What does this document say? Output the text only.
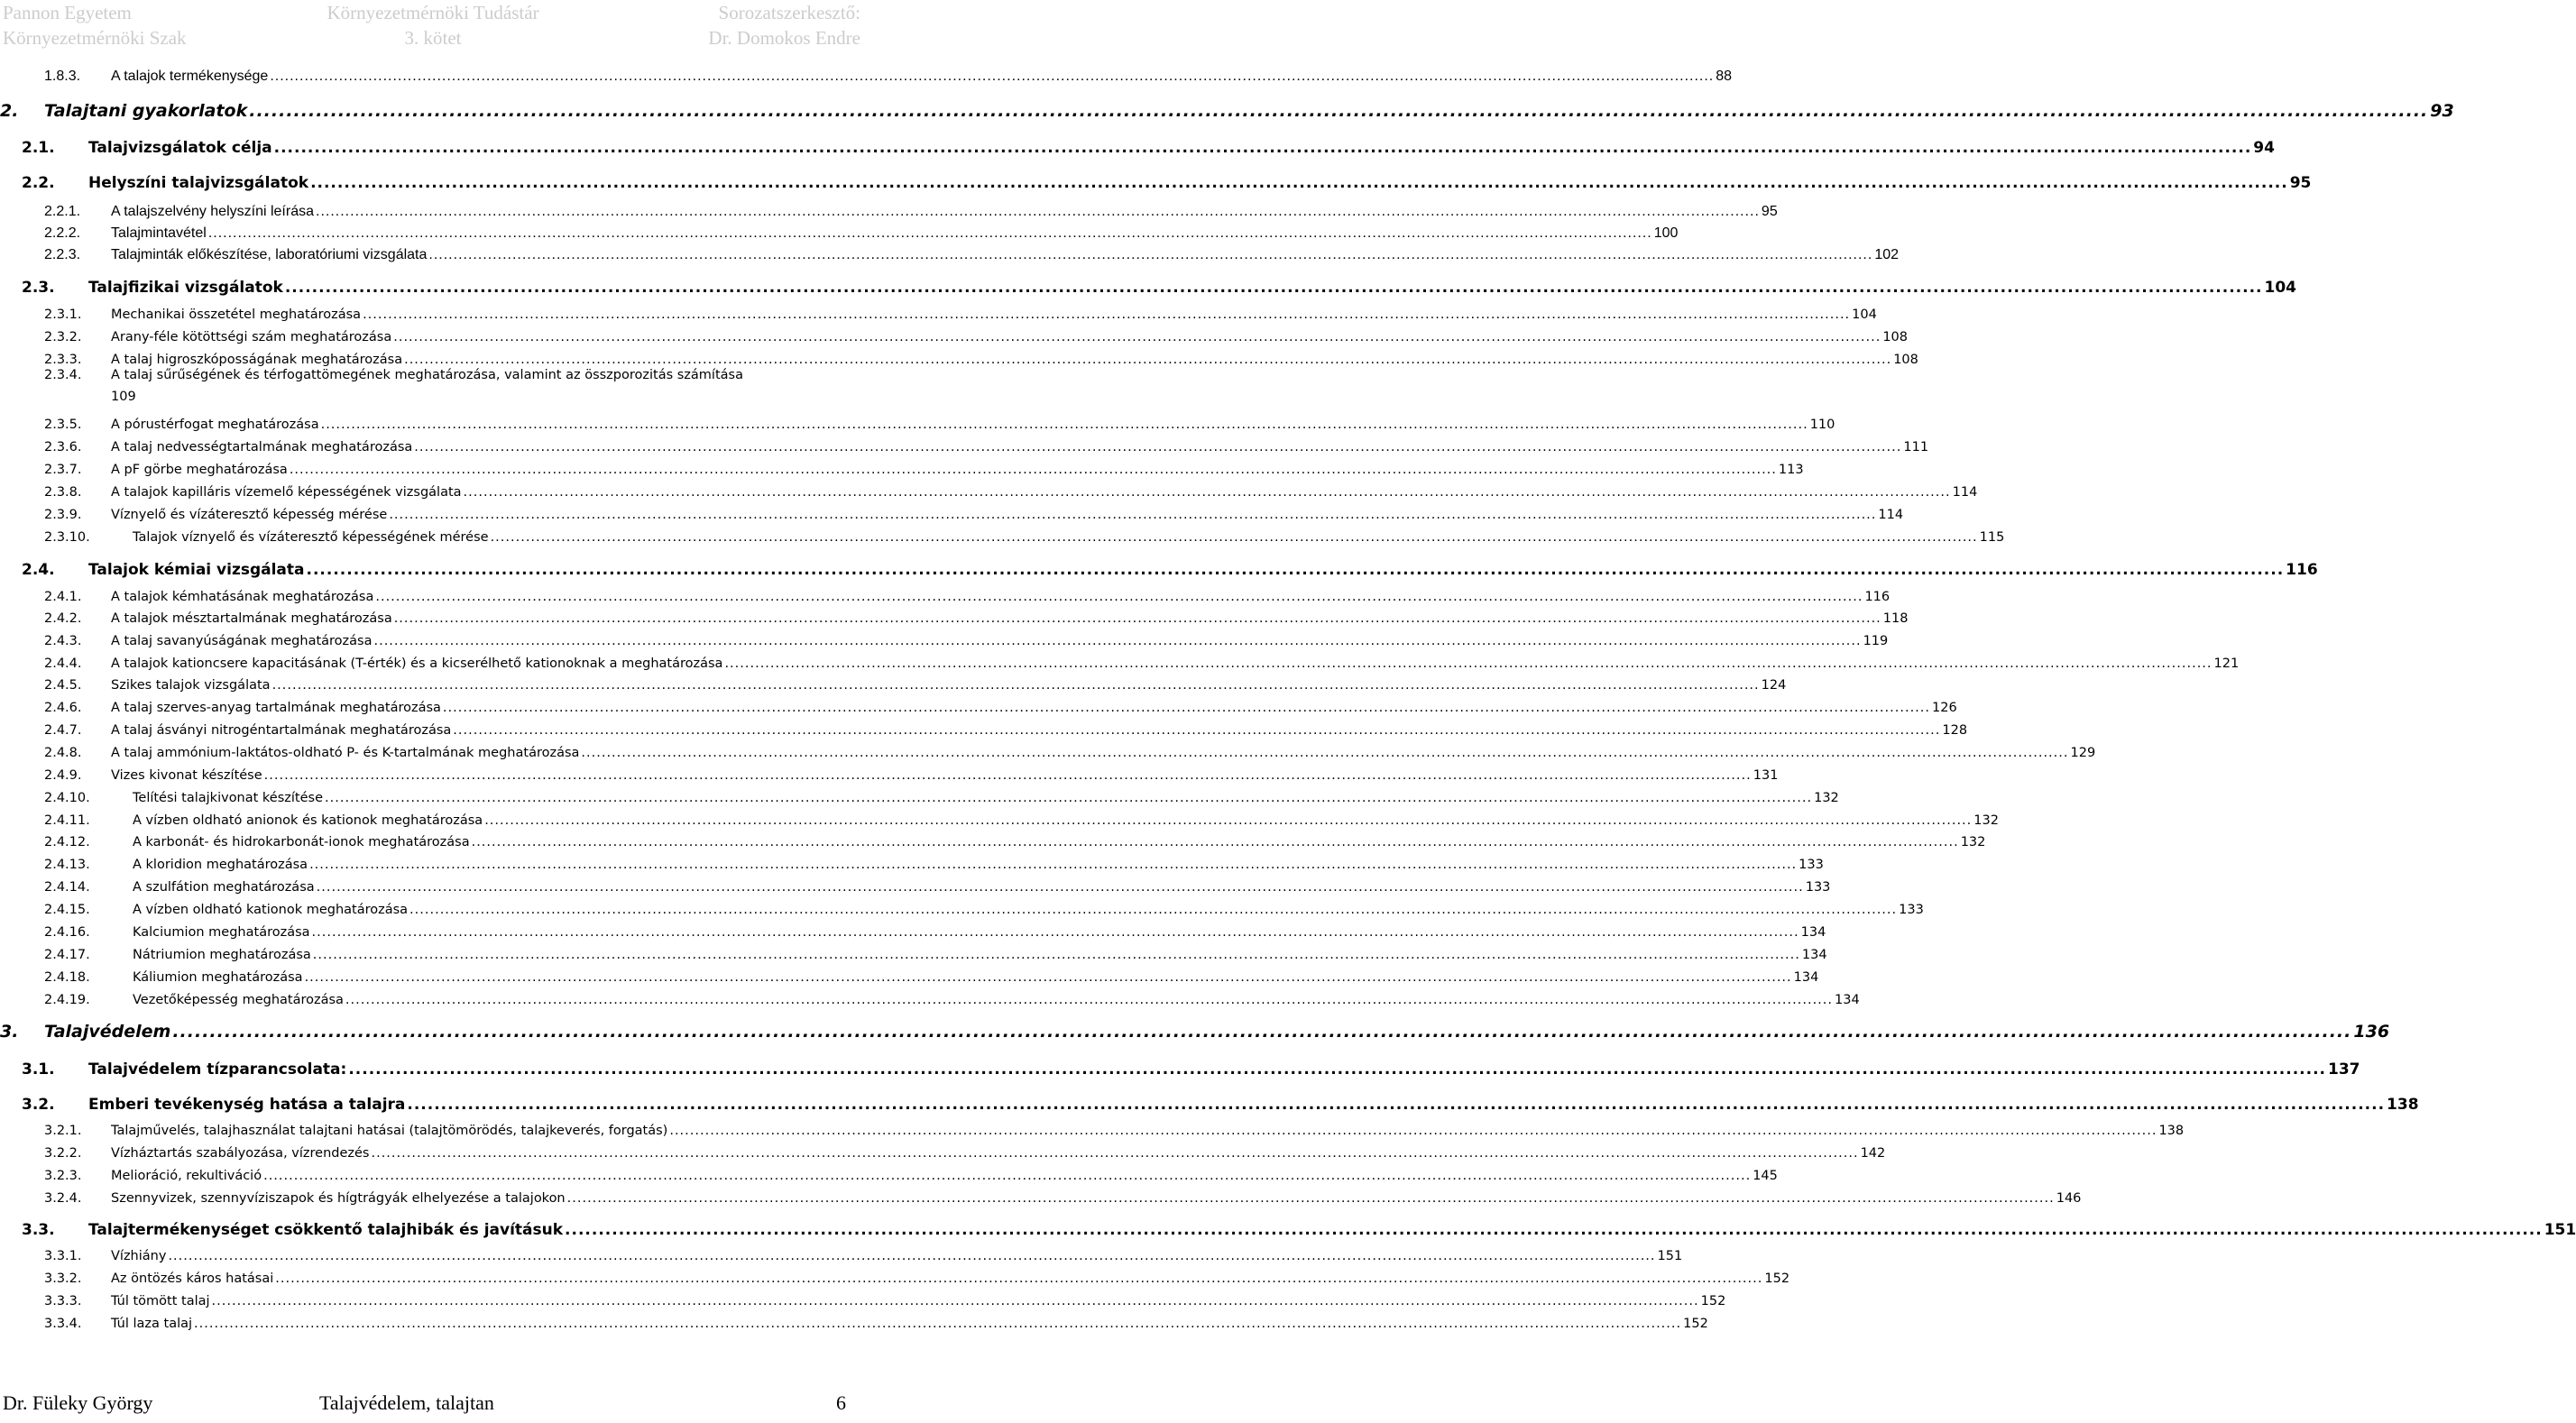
Pannon Egyetem
Környezetmérnöki Szak
Környezetmérnöki Tudástár
3. kötet
Sorozatszerkesztő:
Dr. Domokos Endre
1.8.3.	A talajok termékenysége .....	88
2.	Talajtani gyakorlatok .....	93
2.1.	Talajvizsgálatok célja .....	94
2.2.	Helyszíni talajvizsgálatok .....	95
2.2.1.	A talajszelvény helyszíni leírása .....	95
2.2.2.	Talajmintavétel .....	100
2.2.3.	Talajminták előkészítése, laboratóriumi vizsgálata .....	102
2.3.	Talajfizikai vizsgálatok .....	104
2.3.1.	Mechanikai összetétel meghatározása .....	104
2.3.2.	Arany-féle kötöttségi szám meghatározása .....	108
2.3.3.	A talaj higroszkóposságának meghatározása .....	108
2.3.4.	A talaj sűrűségének és térfogattömegének meghatározása, valamint az összporozitás számítása
109
2.3.5.	A pórustérfogat meghatározása .....	110
2.3.6.	A talaj nedvességtartalmának meghatározása .....	111
2.3.7.	A pF görbe meghatározása .....	113
2.3.8.	A talajok kapilláris vízemelő képességének vizsgálata .....	114
2.3.9.	Víznyelő és vízáteresztő képesség mérése .....	114
2.3.10.	Talajok víznyelő és vízáteresztő képességének mérése .....	115
2.4.	Talajok kémiai vizsgálata .....	116
2.4.1.	A talajok kémhatásának meghatározása .....	116
2.4.2.	A talajok mésztartalmának meghatározása .....	118
2.4.3.	A talaj savanyúságának meghatározása .....	119
2.4.4.	A talajok kationcsere kapacitásának (T-érték) és a kicserélhető kationoknak a meghatározása .....	121
2.4.5.	Szikes talajok vizsgálata .....	124
2.4.6.	A talaj szerves-anyag tartalmának meghatározása .....	126
2.4.7.	A talaj ásványi nitrogéntartalmának meghatározása .....	128
2.4.8.	A talaj ammónium-laktátos-oldható P- és K-tartalmának meghatározása .....	129
2.4.9.	Vizes kivonat készítése .....	131
2.4.10.	Telítési talajkivonat készítése .....	132
2.4.11.	A vízben oldható anionok és kationok meghatározása .....	132
2.4.12.	A karbonát- és hidrokarbonát-ionok meghatározása .....	132
2.4.13.	A kloridion meghatározása .....	133
2.4.14.	A szulfátion meghatározása .....	133
2.4.15.	A vízben oldható kationok meghatározása .....	133
2.4.16.	Kalciumion meghatározása .....	134
2.4.17.	Nátriumion meghatározása .....	134
2.4.18.	Káliumion meghatározása .....	134
2.4.19.	Vezetőképesség meghatározása .....	134
3.	Talajvédelem .....	136
3.1.	Talajvédelem tízparancsolata: .....	137
3.2.	Emberi tevékenység hatása a talajra .....	138
3.2.1.	Talajművelés, talajhasználat talajtani hatásai (talajtömörödés, talajkeverés, forgatás) .....	138
3.2.2.	Vízháztartás szabályozása, vízrendezés .....	142
3.2.3.	Melioráció, rekultiváció .....	145
3.2.4.	Szennyvizek, szennyvíziszapok és hígtrágyák elhelyezése a talajokon .....	146
3.3.	Talajtermékenységet csökkentő talajhibák és javításuk .....	151
3.3.1.	Vízhiány .....	151
3.3.2.	Az öntözés káros hatásai .....	152
3.3.3.	Túl tömött talaj .....	152
3.3.4.	Túl laza talaj .....	152
Dr. Füleky György	Talajvédelem, talajtan	6
